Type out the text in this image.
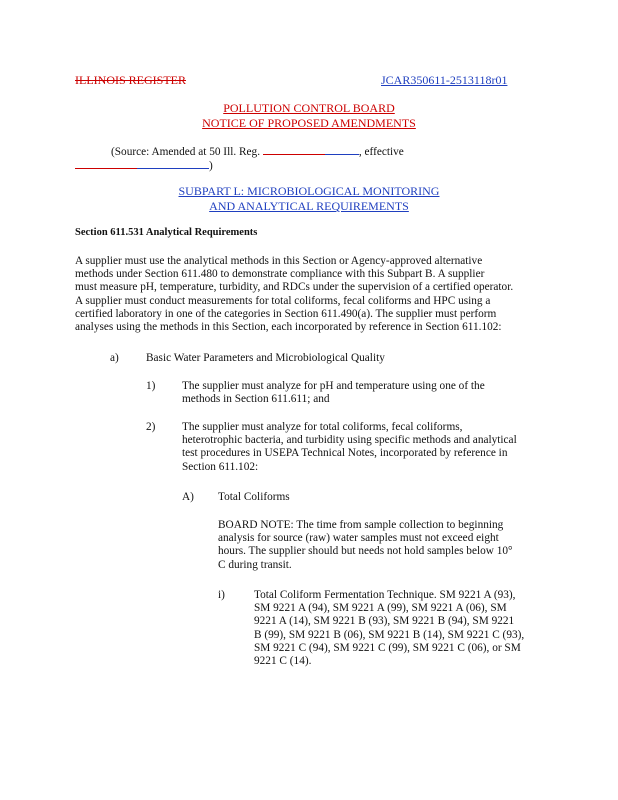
ILLINOIS REGISTER	JCAR350611-2513118r01
POLLUTION CONTROL BOARD
NOTICE OF PROPOSED AMENDMENTS
(Source: Amended at 50 Ill. Reg.	, effective
)
SUBPART L: MICROBIOLOGICAL MONITORING
AND ANALYTICAL REQUIREMENTS
Section 611.531 Analytical Requirements
A supplier must use the analytical methods in this Section or Agency-approved alternative
methods under Section 611.480 to demonstrate compliance with this Subpart B. A supplier
must measure pH, temperature, turbidity, and RDCs under the supervision of a certified operator.
A supplier must conduct measurements for total coliforms, fecal coliforms and HPC using a
certified laboratory in one of the categories in Section 611.490(a). The supplier must perform
analyses using the methods in this Section, each incorporated by reference in Section 611.102:
a) Basic Water Parameters and Microbiological Quality
1) The supplier must analyze for pH and temperature using one of the
methods in Section 611.611; and
2) The supplier must analyze for total coliforms, fecal coliforms,
heterotrophic bacteria, and turbidity using specific methods and analytical
test procedures in USEPA Technical Notes, incorporated by reference in
Section 611.102:
A) Total Coliforms
BOARD NOTE: The time from sample collection to beginning
analysis for source (raw) water samples must not exceed eight
hours. The supplier should but needs not hold samples below 10°
C during transit.
i)	Total Coliform Fermentation Technique. SM 9221 A (93),
SM 9221 A (94), SM 9221 A (99), SM 9221 A (06), SM
9221 A (14), SM 9221 B (93), SM 9221 B (94), SM 9221
B (99), SM 9221 B (06), SM 9221 B (14), SM 9221 C (93),
SM 9221 C (94), SM 9221 C (99), SM 9221 C (06), or SM
9221 C (14).
